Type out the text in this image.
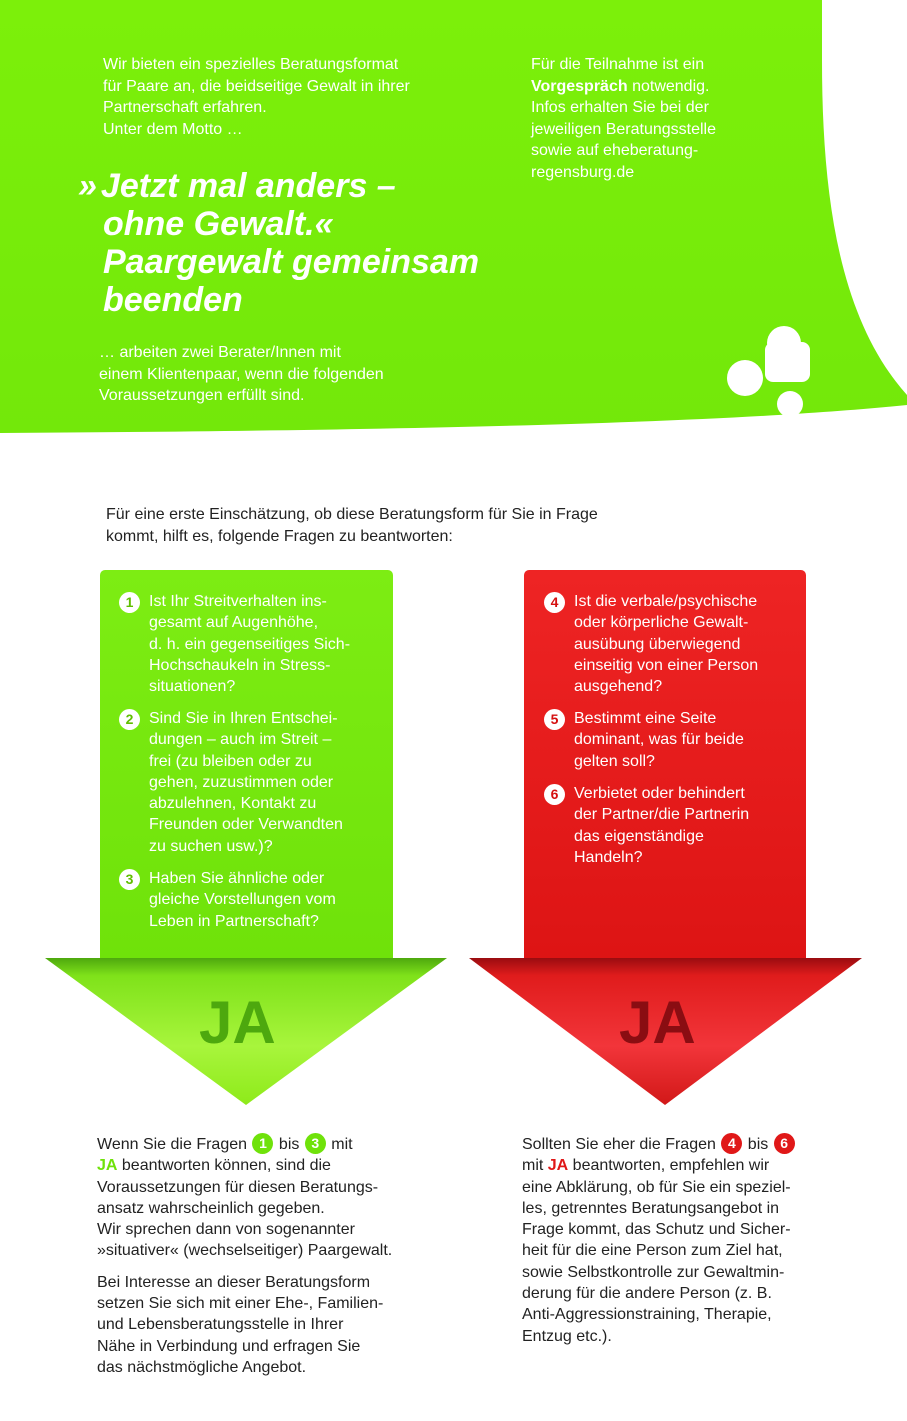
Wir bieten ein spezielles Beratungsformat
für Paare an, die beidseitige Gewalt in ihrer
Partnerschaft erfahren.
Unter dem Motto …
Für die Teilnahme ist ein
Vorgespräch notwendig.
Infos erhalten Sie bei der
jeweiligen Beratungsstelle
sowie auf eheberatung-
regensburg.de
» Jetzt mal anders –
ohne Gewalt.«
Paargewalt gemeinsam
beenden
… arbeiten zwei Berater/Innen mit
einem Klientenpaar, wenn die folgenden
Voraussetzungen erfüllt sind.
Für eine erste Einschätzung, ob diese Beratungsform für Sie in Frage
kommt, hilft es, folgende Fragen zu beantworten:
1 Ist Ihr Streitverhalten ins-
gesamt auf Augenhöhe,
d. h. ein gegenseitiges Sich-
Hochschaukeln in Stress-
situationen?
2 Sind Sie in Ihren Entschei-
dungen – auch im Streit –
frei (zu bleiben oder zu
gehen, zuzustimmen oder
abzulehnen, Kontakt zu
Freunden oder Verwandten
zu suchen usw.)?
3 Haben Sie ähnliche oder
gleiche Vorstellungen vom
Leben in Partnerschaft?
4 Ist die verbale/psychische
oder körperliche Gewalt-
ausübung überwiegend
einseitig von einer Person
ausgehend?
5 Bestimmt eine Seite
dominant, was für beide
gelten soll?
6 Verbietet oder behindert
der Partner/die Partnerin
das eigenständige
Handeln?
JA	JA

Wenn Sie die Fragen 1 bis 3 mit
JA beantworten können, sind die
Voraussetzungen für diesen Beratungs-
ansatz wahrscheinlich gegeben.
Wir sprechen dann von sogenannter
»situativer« (wechselseitiger) Paargewalt.

Bei Interesse an dieser Beratungsform
setzen Sie sich mit einer Ehe-, Familien-
und Lebensberatungsstelle in Ihrer
Nähe in Verbindung und erfragen Sie
das nächstmögliche Angebot.

Sollten Sie eher die Fragen 4 bis 6
mit JA beantworten, empfehlen wir
eine Abklärung, ob für Sie ein speziel-
les, getrenntes Beratungsangebot in
Frage kommt, das Schutz und Sicher-
heit für die eine Person zum Ziel hat,
sowie Selbstkontrolle zur Gewaltmin-
derung für die andere Person (z. B.
Anti-Aggressionstraining, Therapie,
Entzug etc.).
